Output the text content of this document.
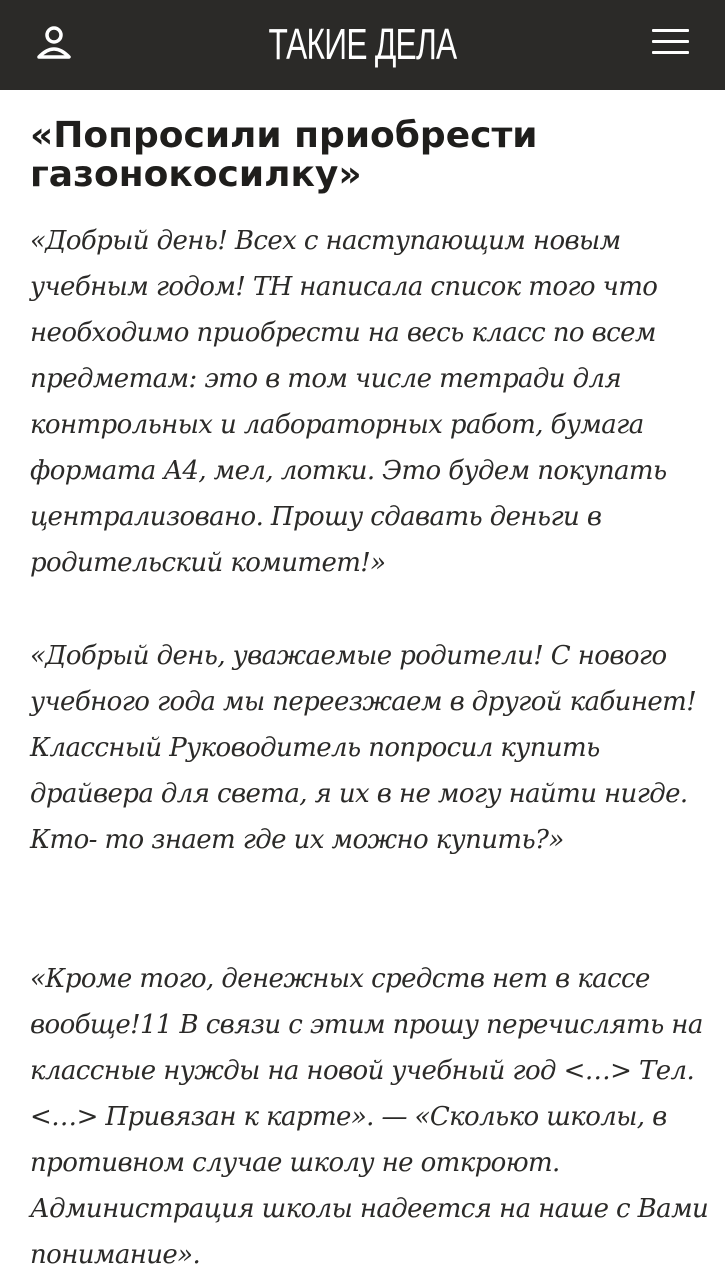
ТАКИЕ ДЕЛА
«Попросили приобрести газонокосилку»

«Добрый день! Всех с наступающим новым учебным годом! ТН написала список того что необходимо приобрести на весь класс по всем предметам: это в том числе тетради для контрольных и лабораторных работ, бумага формата А4, мел, лотки. Это будем покупать централизовано. Прошу сдавать деньги в родительский комитет!»

«Добрый день, уважаемые родители! С нового учебного года мы переезжаем в другой кабинет! Классный Руководитель попросил купить драйвера для света, я их в не могу найти нигде. Кто- то знает где их можно купить?»

«Кроме того, денежных средств нет в кассе вообще!11 В связи с этим прошу перечислять на классные нужды на новой учебный год <…> Тел. <…> Привязан к карте». — «Сколько школы, в противном случае школу не откроют. Администрация школы надеется на наше с Вами понимание».
